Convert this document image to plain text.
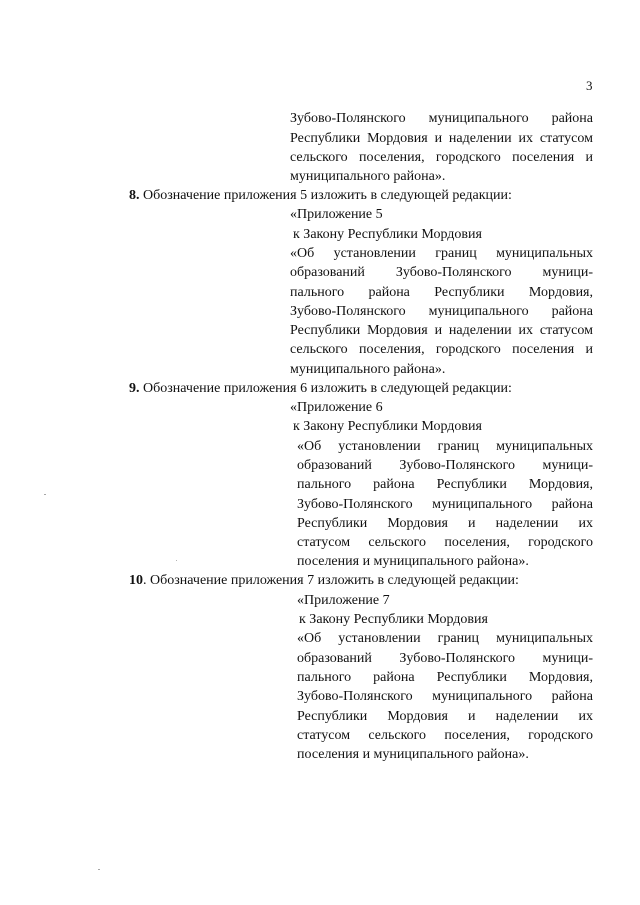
3
Зубово-Полянского муниципального района
Республики Мордовия и наделении их статусом
сельского поселения, городского поселения и
муниципального района».
8. Обозначение приложения 5 изложить в следующей редакции:
«Приложение 5
к Закону Республики Мордовия
«Об установлении границ муниципальных
образований Зубово-Полянского муници-
пального района Республики Мордовия,
Зубово-Полянского муниципального района
Республики Мордовия и наделении их статусом
сельского поселения, городского поселения и
муниципального района».
9. Обозначение приложения 6 изложить в следующей редакции:
«Приложение 6
к Закону Республики Мордовия
«Об установлении границ муниципальных
образований Зубово-Полянского муници-
пального района Республики Мордовия,
Зубово-Полянского муниципального района
Республики Мордовия и наделении их
статусом сельского поселения, городского
поселения и муниципального района».
10. Обозначение приложения 7 изложить в следующей редакции:
«Приложение 7
к Закону Республики Мордовия
«Об установлении границ муниципальных
образований Зубово-Полянского муници-
пального района Республики Мордовия,
Зубово-Полянского муниципального района
Республики Мордовия и наделении их
статусом сельского поселения, городского
поселения и муниципального района».
